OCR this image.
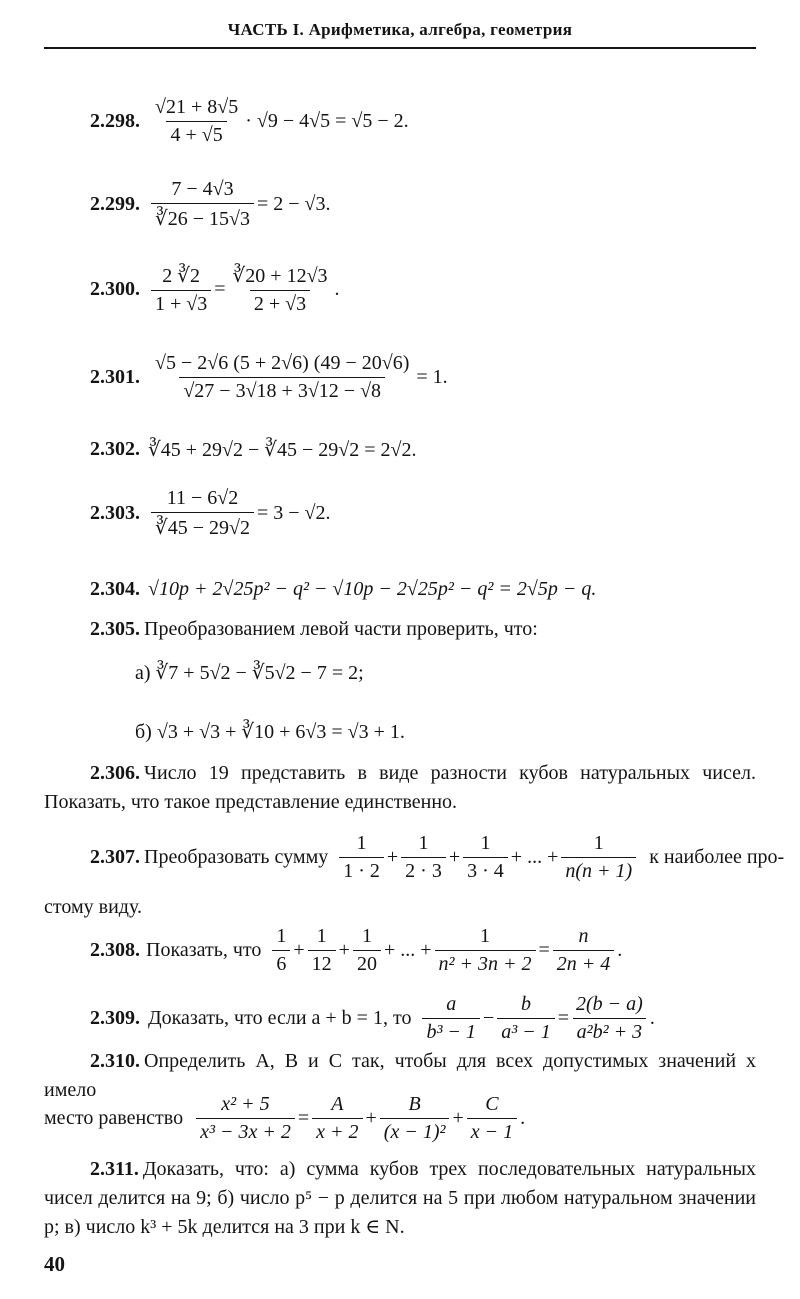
ЧАСТЬ I. Арифметика, алгебра, геометрия
2.298. $\frac{√21 + 8√5}{4 + √5} \cdot √9 - 4√5 = √5 - 2$.
2.299. $\frac{7 - 4√3}{∛26 - 15√3} = 2 - √3$.
2.300. $\frac{2 ∛2}{1 + √3} = \frac{∛20 + 12√3}{2 + √3}$ .
2.301. $\frac{√5 - 2√6 (5 + 2√6) (49 - 20√6)}{√27 - 3√18 + 3√12 - √8} = 1$.
2.302. ∛45 + 29√2 − ∛45 − 29√2 = 2√2.
2.303. $\frac{11 - 6√2}{∛45 - 29√2} = 3 - √2$.
2.304. √10p + 2√25p² − q² − √10p − 2√25p² − q² = 2√5p − q.
2.305. Преобразованием левой части проверить, что:
а) ∛7 + 5√2 − ∛5√2 − 7 = 2;
б) √3 + √3 + ∛10 + 6√3 = √3 + 1.
2.306. Число 19 представить в виде разности кубов натуральных чисел. Показать, что такое представление единственно.
2.307. Преобразовать сумму $\frac{1}{1 \cdot 2} + \frac{1}{2 \cdot 3} + \frac{1}{3 \cdot 4}$ + ... + $\frac{1}{n(n + 1)}$ к наиболее про-
стому виду.
2.308. Показать, что $\frac{1}{6} + \frac{1}{12} + \frac{1}{20}$ + ... + $\frac{1}{\text{n² + 3n + 2}} = \frac{n}{2n + 4}$ .
2.309. Доказать, что если a + b = 1, то $\frac{a}{\text{b³ − 1}} - \frac{b}{\text{a³ − 1}} = \frac{2(b - a)}{\text{a²b² + 3}}$ .
2.310. Определить A, B и C так, чтобы для всех допустимых значений x имело
место равенство $\frac{\text{x² + 5}}{\text{x³ − 3x + 2}} = \frac{A}{x + 2} + \frac{B}{\text{(x − 1)²}} + \frac{C}{x - 1}$ .
2.311. Доказать, что: а) сумма кубов трех последовательных натуральных чисел делится на 9; б) число p⁵ − p делится на 5 при любом натуральном значении p; в) число k³ + 5k делится на 3 при k ∈ N.
40
